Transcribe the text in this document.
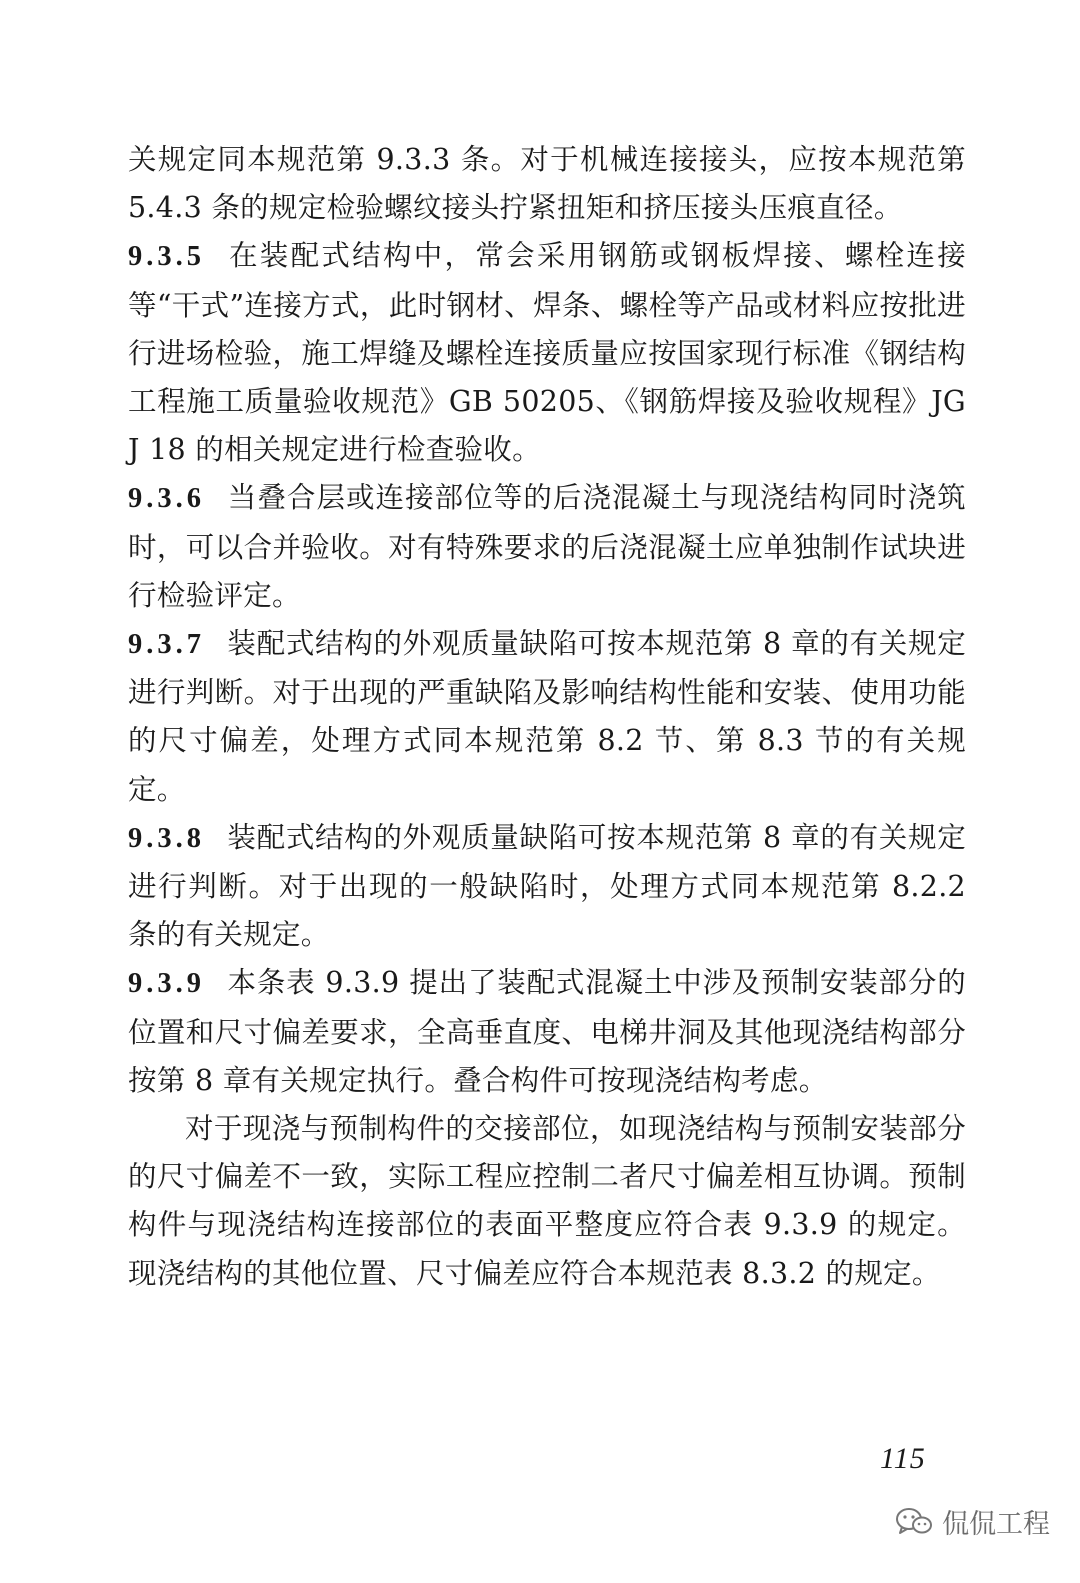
关规定同本规范第 9.3.3 条。对于机械连接接头，应按本规范第 5.4.3 条的规定检验螺纹接头拧紧扭矩和挤压接头压痕直径。

9.3.5 在装配式结构中，常会采用钢筋或钢板焊接、螺栓连接等“干式”连接方式，此时钢材、焊条、螺栓等产品或材料应按批进行进场检验，施工焊缝及螺栓连接质量应按国家现行标准《钢结构工程施工质量验收规范》GB 50205、《钢筋焊接及验收规程》JGJ 18 的相关规定进行检查验收。

9.3.6 当叠合层或连接部位等的后浇混凝土与现浇结构同时浇筑时，可以合并验收。对有特殊要求的后浇混凝土应单独制作试块进行检验评定。

9.3.7 装配式结构的外观质量缺陷可按本规范第 8 章的有关规定进行判断。对于出现的严重缺陷及影响结构性能和安装、使用功能的尺寸偏差，处理方式同本规范第 8.2 节、第 8.3 节的有关规定。

9.3.8 装配式结构的外观质量缺陷可按本规范第 8 章的有关规定进行判断。对于出现的一般缺陷时，处理方式同本规范第 8.2.2 条的有关规定。

9.3.9 本条表 9.3.9 提出了装配式混凝土中涉及预制安装部分的位置和尺寸偏差要求，全高垂直度、电梯井洞及其他现浇结构部分按第 8 章有关规定执行。叠合构件可按现浇结构考虑。

对于现浇与预制构件的交接部位，如现浇结构与预制安装部分的尺寸偏差不一致，实际工程应控制二者尺寸偏差相互协调。预制构件与现浇结构连接部位的表面平整度应符合表 9.3.9 的规定。现浇结构的其他位置、尺寸偏差应符合本规范表 8.3.2 的规定。

115
侃侃工程
